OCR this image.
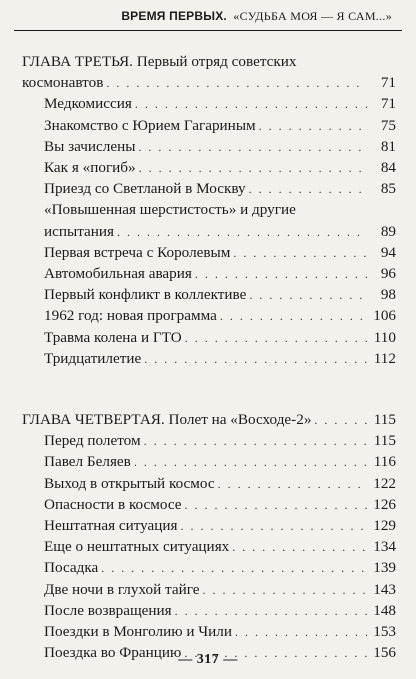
ВРЕМЯ ПЕРВЫХ. «СУДЬБА МОЯ — Я САМ...»
ГЛАВА ТРЕТЬЯ. Первый отряд советских
космонавтов . . .	71
Медкомиссия . . .	71
Знакомство с Юрием Гагариным . . .	75
Вы зачислены . . .	81
Как я «погиб» . . .	84
Приезд со Светланой в Москву . . .	85
«Повышенная шерстистость» и другие
испытания . . .	89
Первая встреча с Королевым . . .	94
Автомобильная авария . . .	96
Первый конфликт в коллективе . . .	98
1962 год: новая программа . . .	106
Травма колена и ГТО . . .	110
Тридцатилетие . . .	112
ГЛАВА ЧЕТВЕРТАЯ. Полет на «Восходе-2» . . .	115
Перед полетом . . .	115
Павел Беляев . . .	116
Выход в открытый космос . . .	122
Опасности в космосе . . .	126
Нештатная ситуация . . .	129
Еще о нештатных ситуациях . . .	134
Посадка . . .	139
Две ночи в глухой тайге . . .	143
После возвращения . . .	148
Поездки в Монголию и Чили . . .	153
Поездка во Францию . . .	156
— 317 —
